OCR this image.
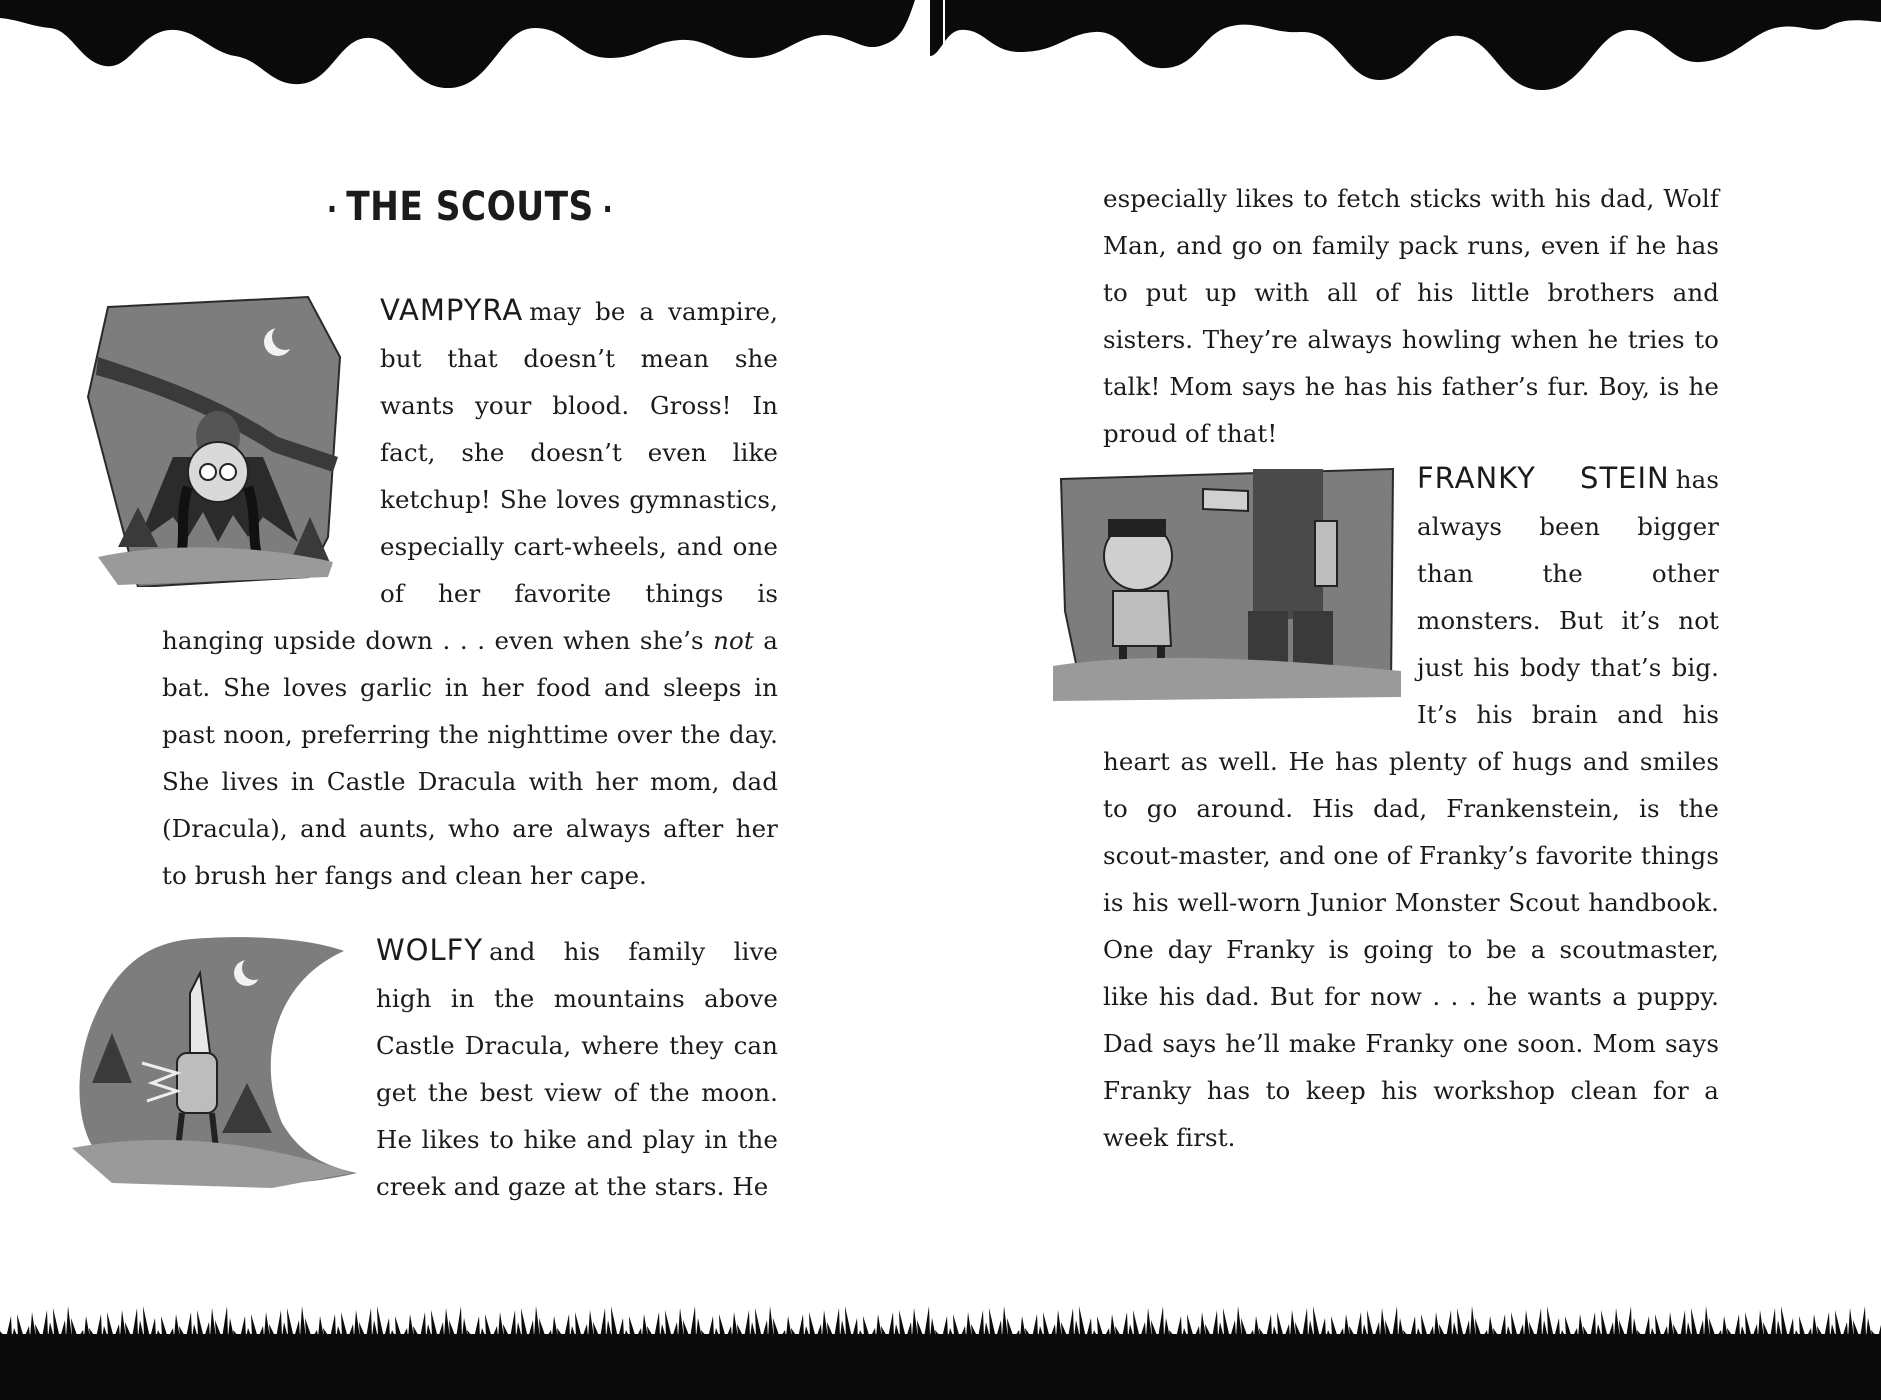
· THE SCOUTS ·

VAMPYRA may be a vampire, but that doesn’t mean she wants your blood. Gross! In fact, she doesn’t even like ketchup! She loves gymnastics, especially cart-wheels, and one of her favorite things is hanging upside down . . . even when she’s not a bat. She loves garlic in her food and sleeps in past noon, preferring the nighttime over the day. She lives in Castle Dracula with her mom, dad (Dracula), and aunts, who are always after her to brush her fangs and clean her cape.

WOLFY and his family live high in the mountains above Castle Dracula, where they can get the best view of the moon. He likes to hike and play in the creek and gaze at the stars. He

especially likes to fetch sticks with his dad, Wolf Man, and go on family pack runs, even if he has to put up with all of his little brothers and sisters. They’re always howling when he tries to talk! Mom says he has his father’s fur. Boy, is he proud of that!

FRANKY STEIN has always been bigger than the other monsters. But it’s not just his body that’s big. It’s his brain and his heart as well. He has plenty of hugs and smiles to go around. His dad, Frankenstein, is the scout-master, and one of Franky’s favorite things is his well-worn Junior Monster Scout handbook. One day Franky is going to be a scoutmaster, like his dad. But for now . . . he wants a puppy. Dad says he’ll make Franky one soon. Mom says Franky has to keep his workshop clean for a week first.
